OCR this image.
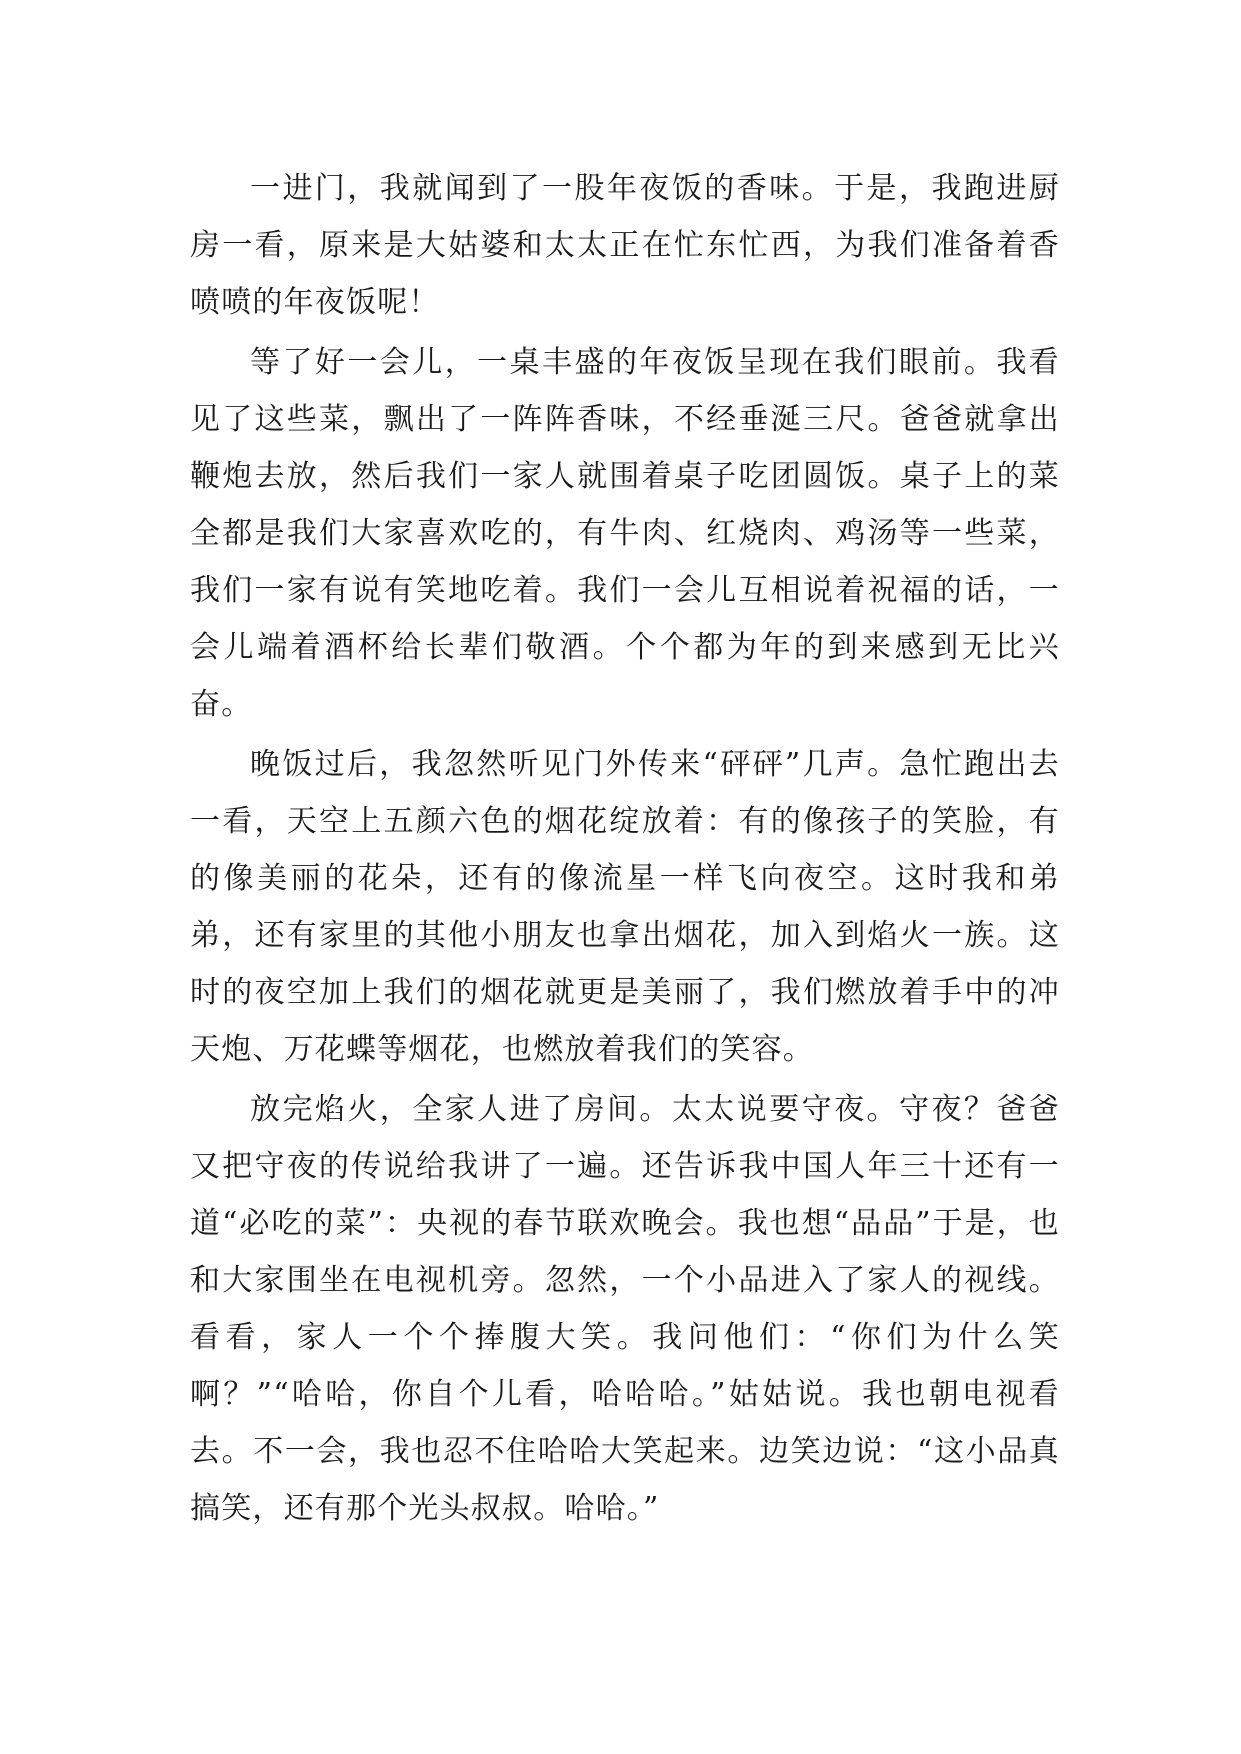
一进门，我就闻到了一股年夜饭的香味。于是，我跑进厨房一看，原来是大姑婆和太太正在忙东忙西，为我们准备着香喷喷的年夜饭呢！

等了好一会儿，一桌丰盛的年夜饭呈现在我们眼前。我看见了这些菜，飘出了一阵阵香味，不经垂涎三尺。爸爸就拿出鞭炮去放，然后我们一家人就围着桌子吃团圆饭。桌子上的菜全都是我们大家喜欢吃的，有牛肉、红烧肉、鸡汤等一些菜，我们一家有说有笑地吃着。我们一会儿互相说着祝福的话，一会儿端着酒杯给长辈们敬酒。个个都为年的到来感到无比兴奋。

晚饭过后，我忽然听见门外传来“砰砰”几声。急忙跑出去一看，天空上五颜六色的烟花绽放着：有的像孩子的笑脸，有的像美丽的花朵，还有的像流星一样飞向夜空。这时我和弟弟，还有家里的其他小朋友也拿出烟花，加入到焰火一族。这时的夜空加上我们的烟花就更是美丽了，我们燃放着手中的冲天炮、万花蝶等烟花，也燃放着我们的笑容。

放完焰火，全家人进了房间。太太说要守夜。守夜？爸爸又把守夜的传说给我讲了一遍。还告诉我中国人年三十还有一道“必吃的菜”：央视的春节联欢晚会。我也想“品品”于是，也和大家围坐在电视机旁。忽然，一个小品进入了家人的视线。看看，家人一个个捧腹大笑。我问他们：“你们为什么笑啊？”“哈哈，你自个儿看，哈哈哈。”姑姑说。我也朝电视看去。不一会，我也忍不住哈哈大笑起来。边笑边说：“这小品真搞笑，还有那个光头叔叔。哈哈。”
